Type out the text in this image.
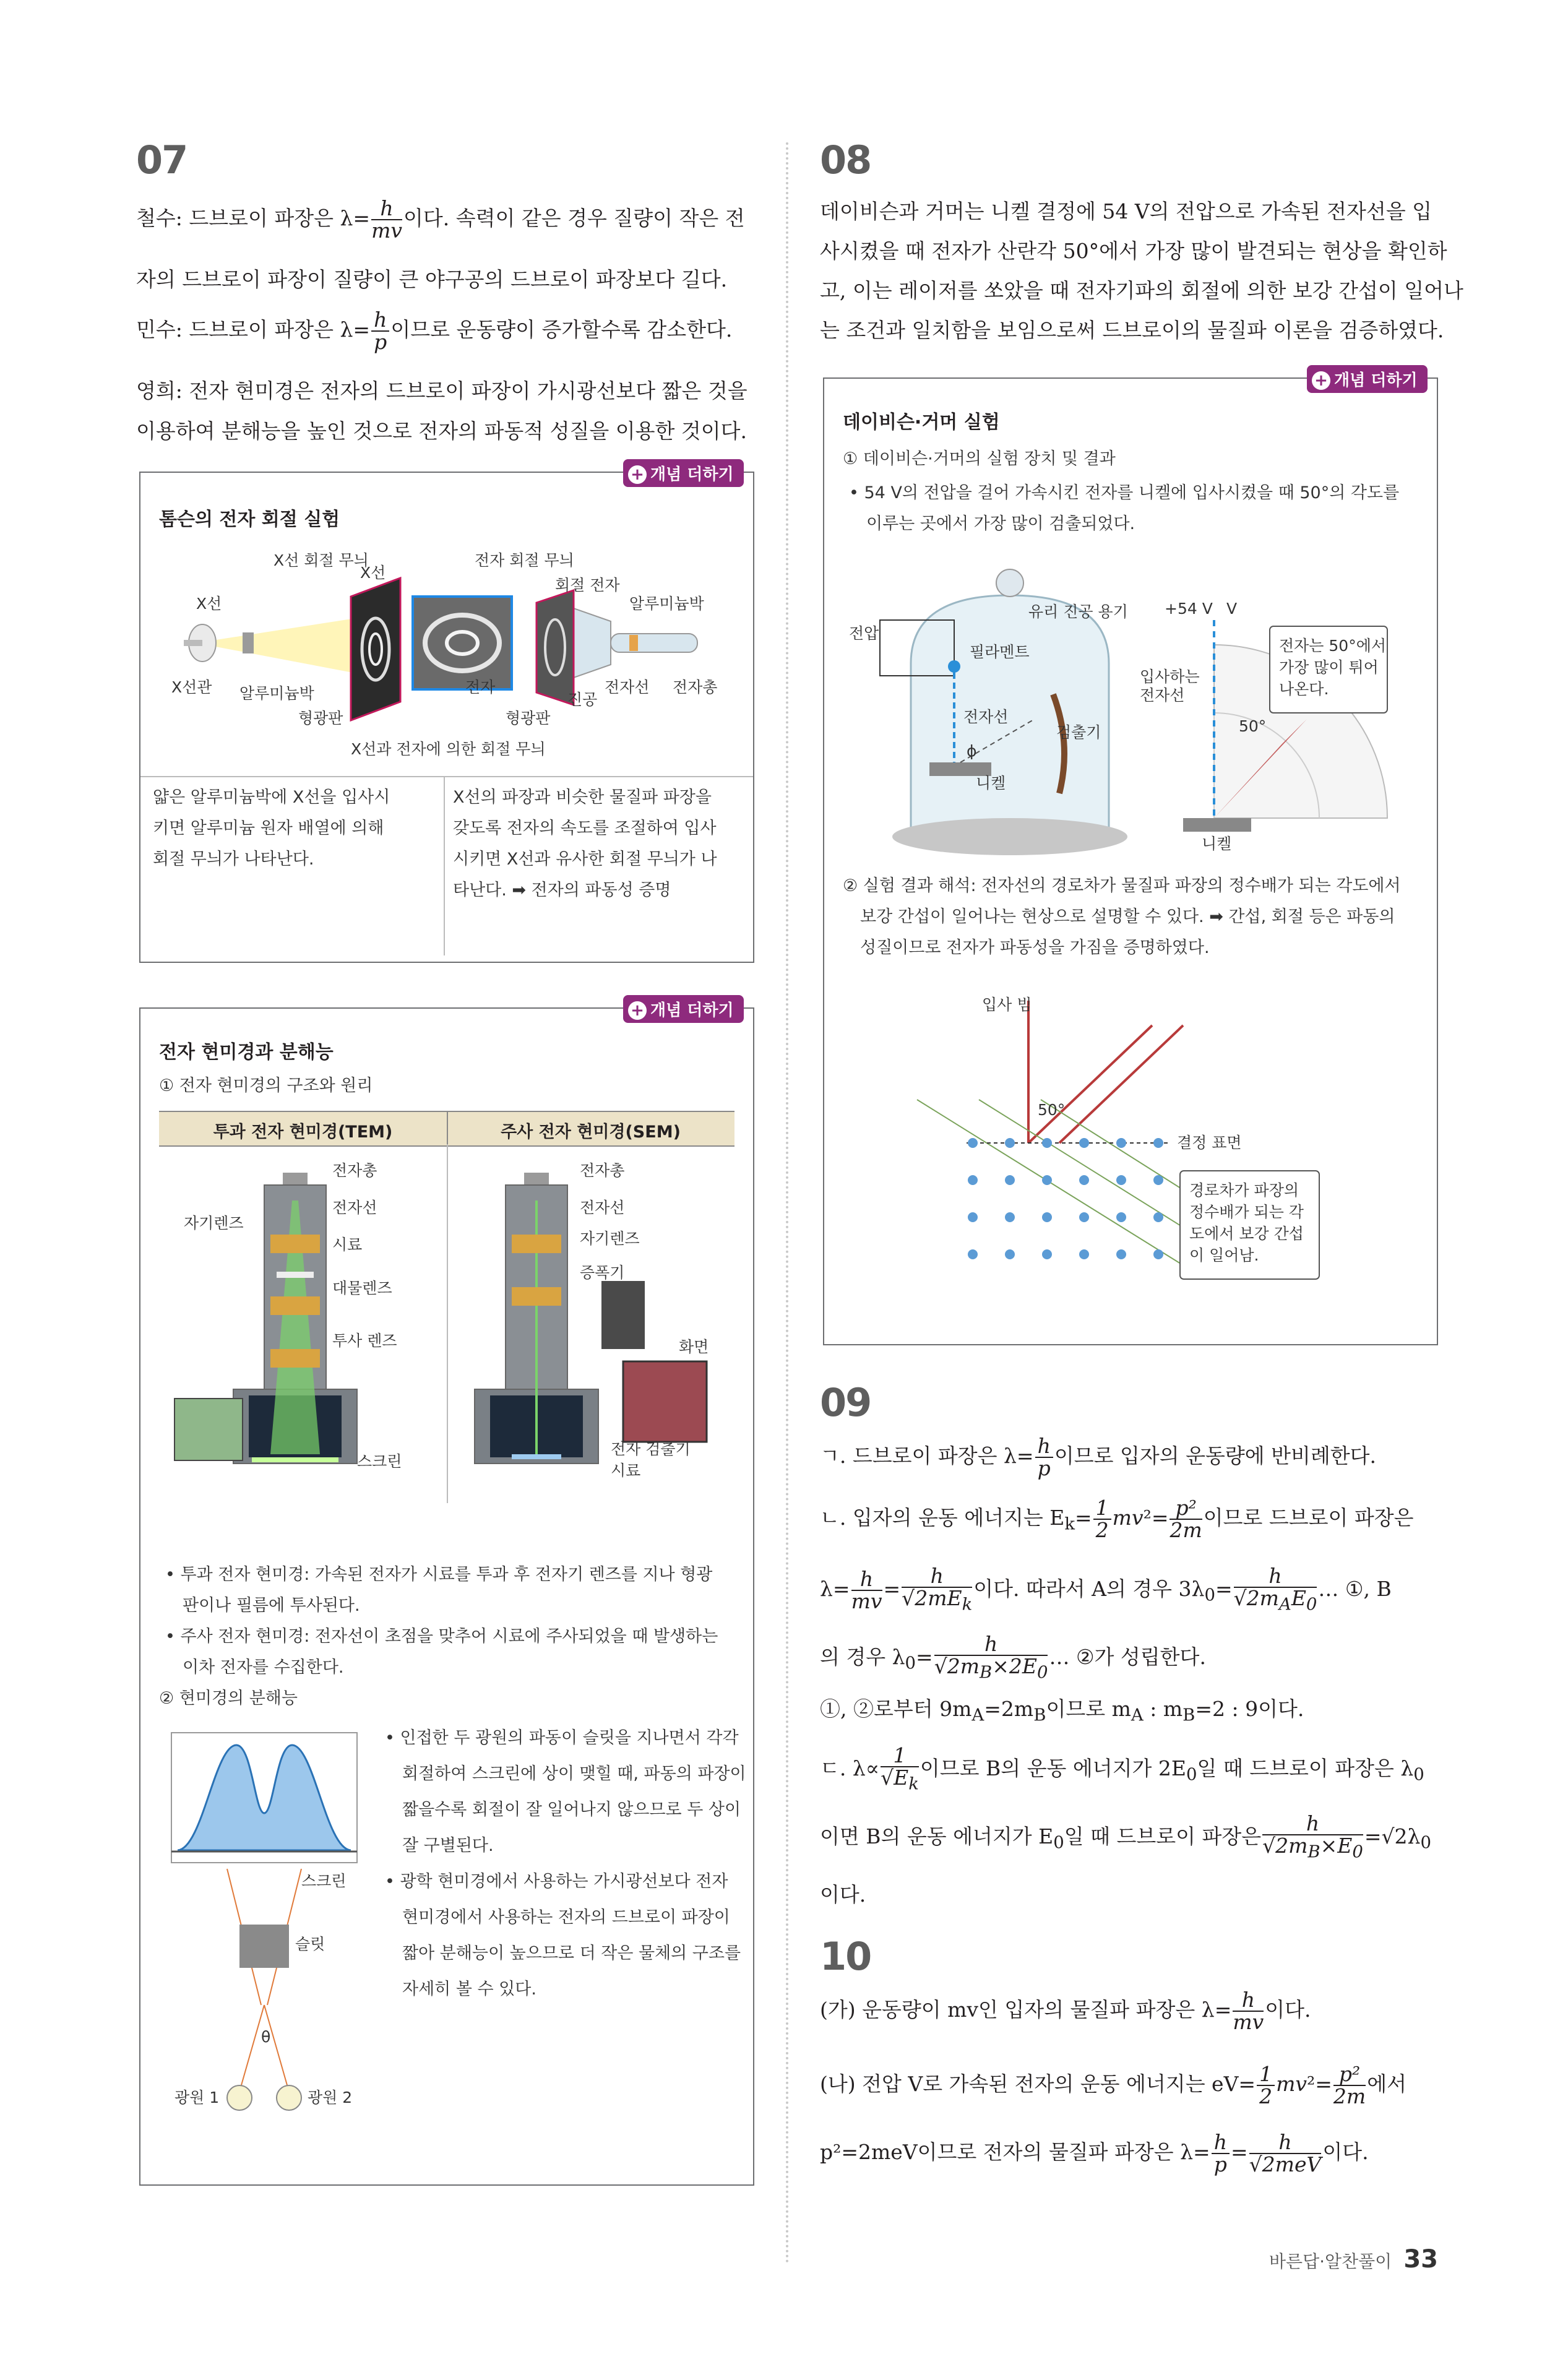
07
철수: 드브로이 파장은 $\lambda= \frac{h}{mv}$ 이다. 속력이 같은 경우 질량이 작은 전
자의 드브로이 파장이 질량이 큰 야구공의 드브로이 파장보다 길다.
민수: 드브로이 파장은 $\lambda= \frac{h}{p}$ 이므로 운동량이 증가할수록 감소한다.
영희: 전자 현미경은 전자의 드브로이 파장이 가시광선보다 짧은 것을
이용하여 분해능을 높인 것으로 전자의 파동적 성질을 이용한 것이다.
+ 개념 더하기
톰슨의 전자 회절 실험
X선 회절 무늬
X선
X선
전자 회절 무늬
회절 전자
알루미늄박
X선관 알루미늄박
형광판
전자
진공
형광판
전자선 전자총
X선과 전자에 의한 회절 무늬
얇은 알루미늄박에 X선을 입사시
키면 알루미늄 원자 배열에 의해
회절 무늬가 나타난다.
X선의 파장과 비슷한 물질파 파장을
갖도록 전자의 속도를 조절하여 입사
시키면 X선과 유사한 회절 무늬가 나
타난다. ➡ 전자의 파동성 증명
+ 개념 더하기
전자 현미경과 분해능
① 전자 현미경의 구조와 원리
투과 전자 현미경(TEM)	주사 전자 현미경(SEM)
전자총
전자선
자기렌즈
시료
대물렌즈
투사 렌즈
스크린
전자총
전자선
자기렌즈
증폭기
화면
전자 검출기
시료
• 투과 전자 현미경: 가속된 전자가 시료를 투과 후 전자기 렌즈를 지나 형광
판이나 필름에 투사된다.
• 주사 전자 현미경: 전자선이 초점을 맞추어 시료에 주사되었을 때 발생하는
이차 전자를 수집한다.
② 현미경의 분해능
스크린
슬릿
θ
광원 1	광원 2
• 인접한 두 광원의 파동이 슬릿을 지나면서 각각
회절하여 스크린에 상이 맺힐 때, 파동의 파장이
짧을수록 회절이 잘 일어나지 않으므로 두 상이
잘 구별된다.
• 광학 현미경에서 사용하는 가시광선보다 전자
현미경에서 사용하는 전자의 드브로이 파장이
짧아 분해능이 높으므로 더 작은 물체의 구조를
자세히 볼 수 있다.
08
데이비슨과 거머는 니켈 결정에 54 V의 전압으로 가속된 전자선을 입
사시켰을 때 전자가 산란각 50°에서 가장 많이 발견되는 현상을 확인하
고, 이는 레이저를 쏘았을 때 전자기파의 회절에 의한 보강 간섭이 일어나
는 조건과 일치함을 보임으로써 드브로이의 물질파 이론을 검증하였다.
+ 개념 더하기
데이비슨·거머 실험
① 데이비슨·거머의 실험 장치 및 결과
• 54 V의 전압을 걸어 가속시킨 전자를 니켈에 입사시켰을 때 50°의 각도를
이루는 곳에서 가장 많이 검출되었다.
유리 진공 용기
전압
필라멘트
+54 V V
입사하는
전자선
전자선
검출기
ϕ
니켈
니켈
50°
전자는 50°에서
가장 많이 튀어
나온다.
② 실험 결과 해석: 전자선의 경로차가 물질파 파장의 정수배가 되는 각도에서
보강 간섭이 일어나는 현상으로 설명할 수 있다. ➡ 간섭, 회절 등은 파동의
성질이므로 전자가 파동성을 가짐을 증명하였다.
입사 빔
50°
결정 표면
경로차가 파장의
정수배가 되는 각
도에서 보강 간섭
이 일어남.
09
ㄱ. 드브로이 파장은 $\lambda= \frac{h}{p}$ 이므로 입자의 운동량에 반비례한다.
ㄴ. 입자의 운동 에너지는 $E_k= \frac{1}{2} mv^2= \frac{\text{p²}}{2m}$ 이므로 드브로이 파장은
$\lambda= \frac{h}{mv} = \frac{h}{√2mE_k}$ 이다. 따라서 A의 경우 $3\lambda_0= \frac{h}{√2m_AE_0}$ … ①, B
의 경우 $\lambda_0= \frac{h}{√2m_B\times 2E_0}$ … ②가 성립한다.
①, ②로부터 $9m_A=2m_B$이므로 $m_A$ : $m_B=2$ : 9이다.
ㄷ. $\lambda\propto \frac{1}{√E_k}$ 이므로 B의 운동 에너지가 $2E_0$일 때 드브로이 파장은 $\lambda_0$
이면 B의 운동 에너지가 $E_0$일 때 드브로이 파장은 $\frac{h}{√2m_B\times E_0} =√2\lambda_0$
이다.
10
(가) 운동량이 mv인 입자의 물질파 파장은 $\lambda= \frac{h}{mv}$ 이다.
(나) 전압 V로 가속된 전자의 운동 에너지는 $eV= \frac{1}{2} mv^2= \frac{\text{p²}}{2m}$ 에서
p²=2meV이므로 전자의 물질파 파장은 $\lambda= \frac{h}{p} = \frac{h}{\text{√2meV}}$ 이다.
바른답·알찬풀이 33
